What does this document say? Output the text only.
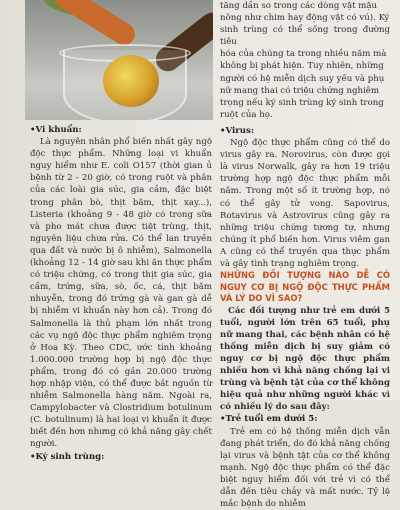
• Vi khuẩn:

Là nguyên nhân phổ biến nhất gây ngộ độc thực phẩm. Những loại vi khuẩn nguy hiểm như E. coli O157 (thời gian ủ bệnh từ 2 - 20 giờ, có trong ruột và phân của các loài gia súc, gia cầm, đặc biệt trong phân bò, thịt băm, thịt xay...), Listeria (khoảng 9 - 48 giờ có trong sữa và pho mát chưa được tiệt trùng, thịt, nguyên liệu chưa rửa. Có thể lan truyền qua đất và nước bị ô nhiễm), Salmonella (khoảng 12 - 14 giờ sau khi ăn thực phẩm có triệu chứng, có trong thịt gia súc, gia cầm, trứng, sữa, sò, ốc, cá, thịt băm nhuyễn, trong đó trứng gà và gan gà dễ bị nhiễm vi khuẩn này hơn cả). Trong đó Salmonella là thủ phạm lớn nhất trong các vụ ngộ độc thực phẩm nghiêm trọng ở Hoa Kỳ. Theo CDC, ước tính khoảng 1.000.000 trường hợp bị ngộ độc thực phẩm, trong đó có gần 20.000 trường hợp nhập viện, có thể được bắt nguồn từ nhiễm Salmonella hàng năm. Ngoài ra, Campylobacter và Clostridium botulinum (C. botulinum) là hai loại vi khuẩn ít được biết đến hơn nhưng có khả năng gây chết người.

• Ký sinh trùng:

tăng dần so trong các dòng vật mậu

nông như chim hay động vật có vú). Ký

sinh trùng có thể sống trong đường tiêu

hóa của chúng ta trong nhiều năm mà

không bị phát hiện. Tuy nhiên, những

người có hệ miễn dịch suy yếu và phụ

nữ mang thai có triệu chứng nghiêm

trọng nếu ký sinh trùng ký sinh trong

ruột của họ.

• Virus:

Ngộ độc thực phẩm cũng có thể do virus gây ra. Norovirus, còn được gọi là virus Norwalk, gây ra hơn 19 triệu trường hợp ngộ độc thực phẩm mỗi năm. Trong một số ít trường hợp, nó có thể gây tử vong. Sapovirus, Rotavirus và Astrovirus cũng gây ra những triệu chứng tương tự, nhưng chúng ít phổ biến hơn. Virus viêm gan A cũng có thể truyền qua thực phẩm và gây tình trạng nghiêm trọng.

NHỮNG ĐỐI TƯỢNG NÀO DỄ CÓ NGUY CƠ BỊ NGỘ ĐỘC THỰC PHẨM VÀ LÝ DO VÌ SAO?

Các đối tượng như trẻ em dưới 5 tuổi, người lớn trên 65 tuổi, phụ nữ mang thai, các bệnh nhân có hệ thống miễn dịch bị suy giảm có nguy cơ bị ngộ độc thực phẩm nhiều hơn vì khả năng chống lại vi trùng và bệnh tật của cơ thể không hiệu quả như những người khác vì có nhiều lý do sau đây:

• Trẻ tuổi em dưới 5:

Trẻ em có hệ thống miễn dịch vẫn đang phát triển, do đó khả năng chống lại virus và bệnh tật của cơ thể không mạnh. Ngộ độc thực phẩm có thể đặc biệt nguy hiểm đối với trẻ vì có thể dẫn đến tiêu chảy và mất nước. Tỷ lệ mắc bệnh do nhiễm
